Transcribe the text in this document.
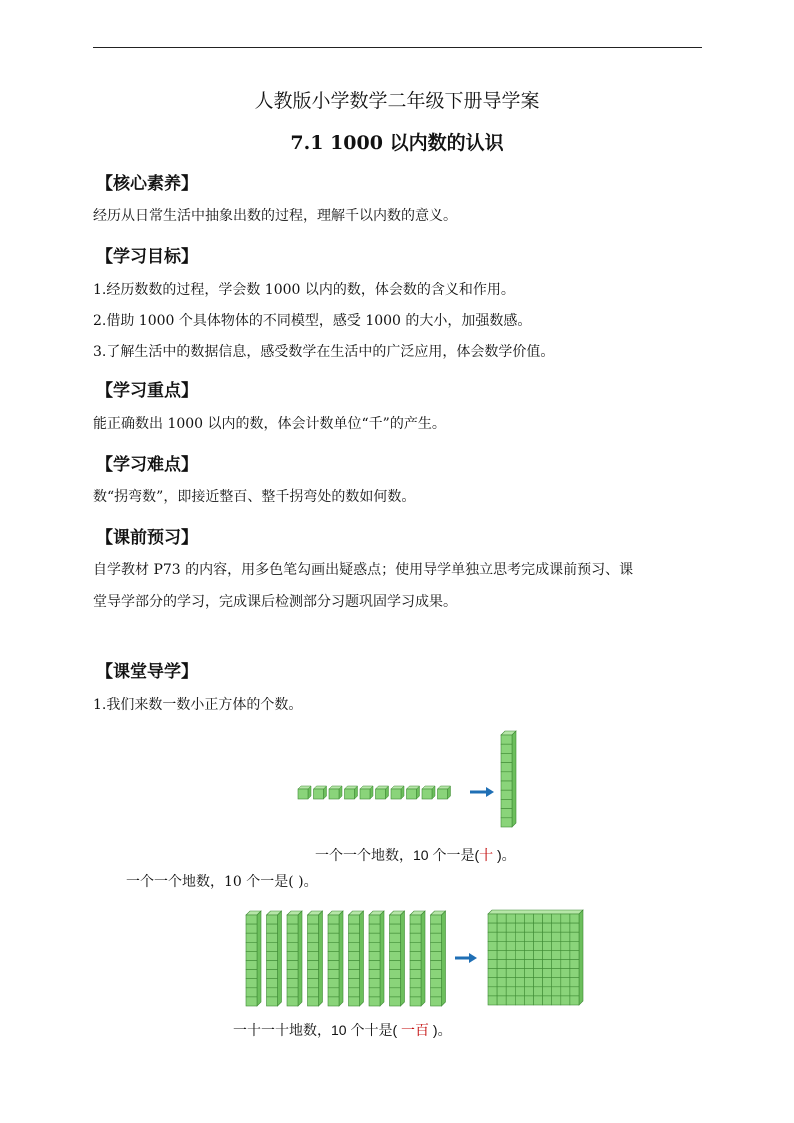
人教版小学数学二年级下册导学案
7.1 1000 以内数的认识
【核心素养】
经历从日常生活中抽象出数的过程，理解千以内数的意义。
【学习目标】
1.经历数数的过程，学会数 1000 以内的数，体会数的含义和作用。
2.借助 1000 个具体物体的不同模型，感受 1000 的大小，加强数感。
3.了解生活中的数据信息，感受数学在生活中的广泛应用，体会数学价值。
【学习重点】
能正确数出 1000 以内的数，体会计数单位“千”的产生。
【学习难点】
数“拐弯数”，即接近整百、整千拐弯处的数如何数。
【课前预习】
自学教材 P73 的内容，用多色笔勾画出疑惑点；使用导学单独立思考完成课前预习、课
堂导学部分的学习，完成课后检测部分习题巩固学习成果。
【课堂导学】
1.我们来数一数小正方体的个数。
一个一个地数，10 个一是(十 )。
一个一个地数，10 个一是( )。
一十一十地数，10 个十是( 一百 )。
